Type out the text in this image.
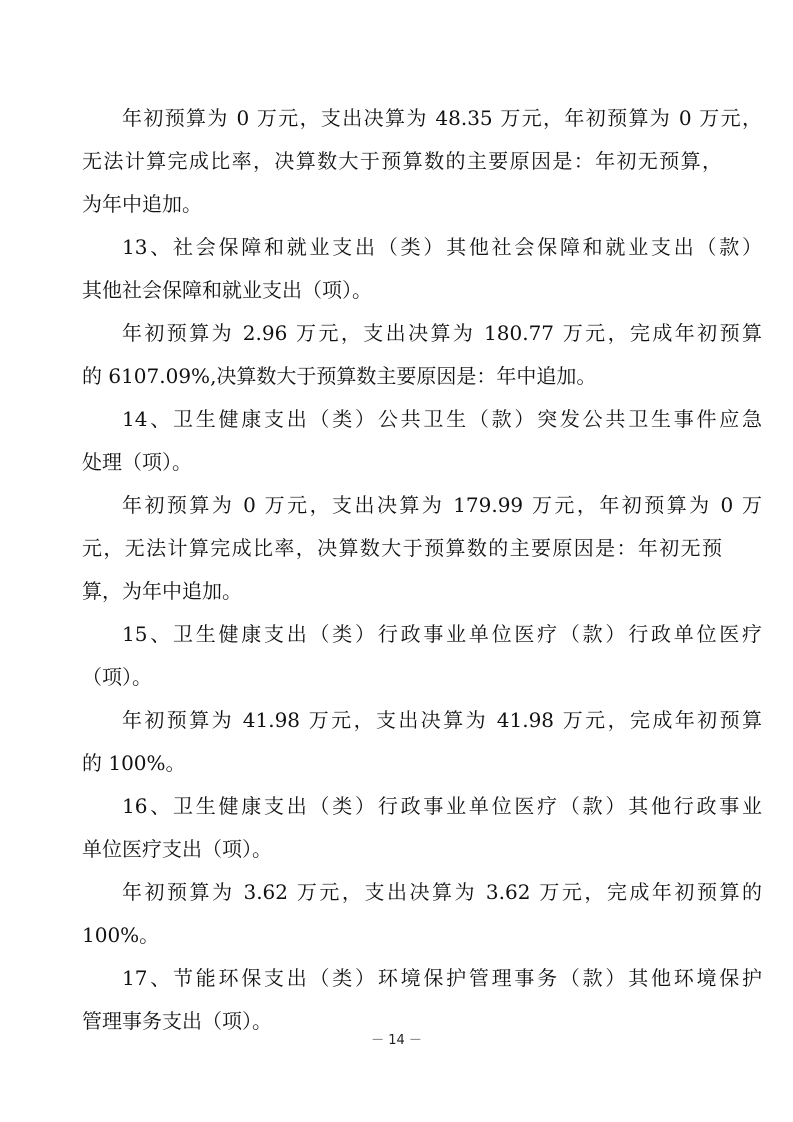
年初预算为 0 万元，支出决算为 48.35 万元，年初预算为 0 万元，
无法计算完成比率，决算数大于预算数的主要原因是：年初无预算，
为年中追加。
13、社会保障和就业支出（类）其他社会保障和就业支出（款）
其他社会保障和就业支出（项）。
年初预算为 2.96 万元，支出决算为 180.77 万元，完成年初预算
的 6107.09%,决算数大于预算数主要原因是：年中追加。
14、卫生健康支出（类）公共卫生（款）突发公共卫生事件应急
处理（项）。
年初预算为 0 万元，支出决算为 179.99 万元，年初预算为 0 万
元，无法计算完成比率，决算数大于预算数的主要原因是：年初无预
算，为年中追加。
15、卫生健康支出（类）行政事业单位医疗（款）行政单位医疗
（项）。
年初预算为 41.98 万元，支出决算为 41.98 万元，完成年初预算
的 100%。
16、卫生健康支出（类）行政事业单位医疗（款）其他行政事业
单位医疗支出（项）。
年初预算为 3.62 万元，支出决算为 3.62 万元，完成年初预算的
100%。
17、节能环保支出（类）环境保护管理事务（款）其他环境保护
管理事务支出（项）。
－ 14 －
